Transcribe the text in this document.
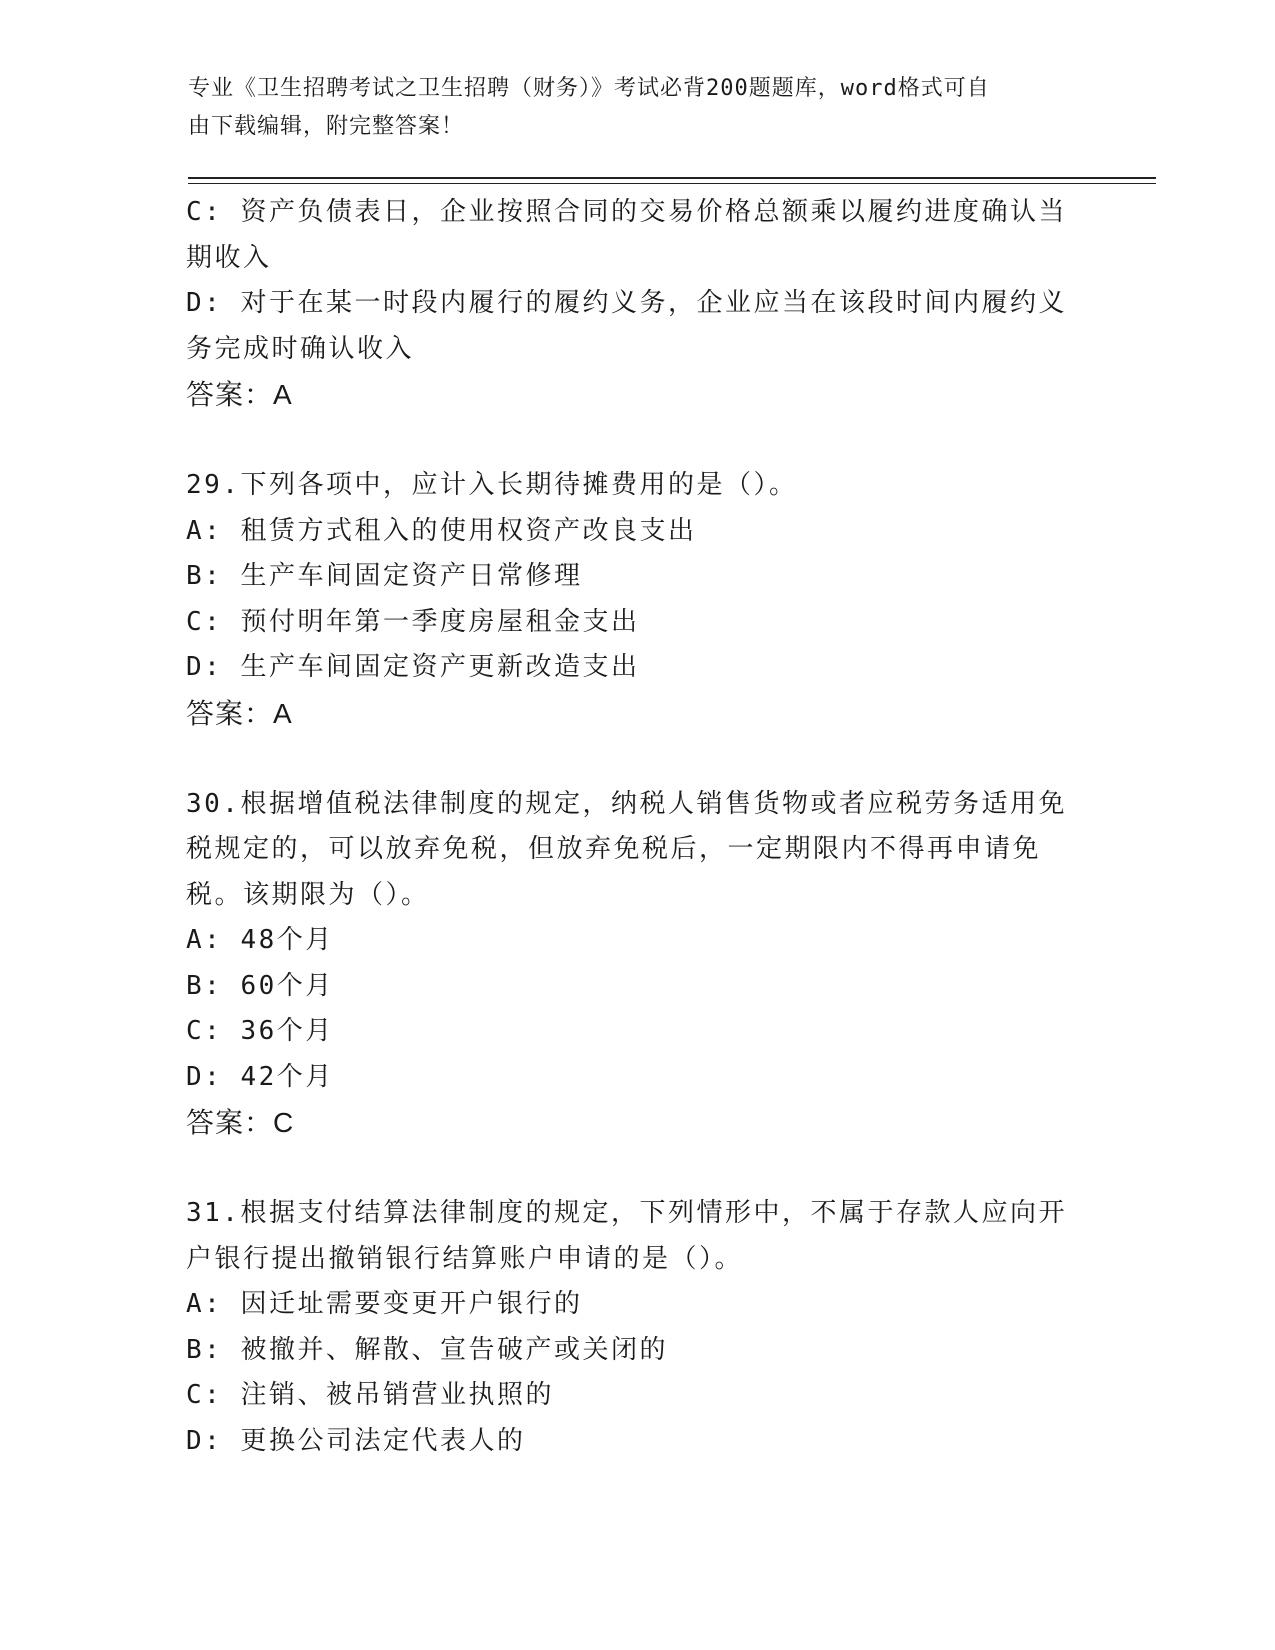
专业《卫生招聘考试之卫生招聘（财务）》考试必背200题题库，word格式可自
由下载编辑，附完整答案！
C: 资产负债表日，企业按照合同的交易价格总额乘以履约进度确认当
期收入
D: 对于在某一时段内履行的履约义务，企业应当在该段时间内履约义
务完成时确认收入
答案：A
29.下列各项中，应计入长期待摊费用的是（）。
A: 租赁方式租入的使用权资产改良支出
B: 生产车间固定资产日常修理
C: 预付明年第一季度房屋租金支出
D: 生产车间固定资产更新改造支出
答案：A
30.根据增值税法律制度的规定，纳税人销售货物或者应税劳务适用免
税规定的，可以放弃免税，但放弃免税后，一定期限内不得再申请免
税。该期限为（）。
A: 48个月
B: 60个月
C: 36个月
D: 42个月
答案：C
31.根据支付结算法律制度的规定，下列情形中，不属于存款人应向开
户银行提出撤销银行结算账户申请的是（）。
A: 因迁址需要变更开户银行的
B: 被撤并、解散、宣告破产或关闭的
C: 注销、被吊销营业执照的
D: 更换公司法定代表人的
